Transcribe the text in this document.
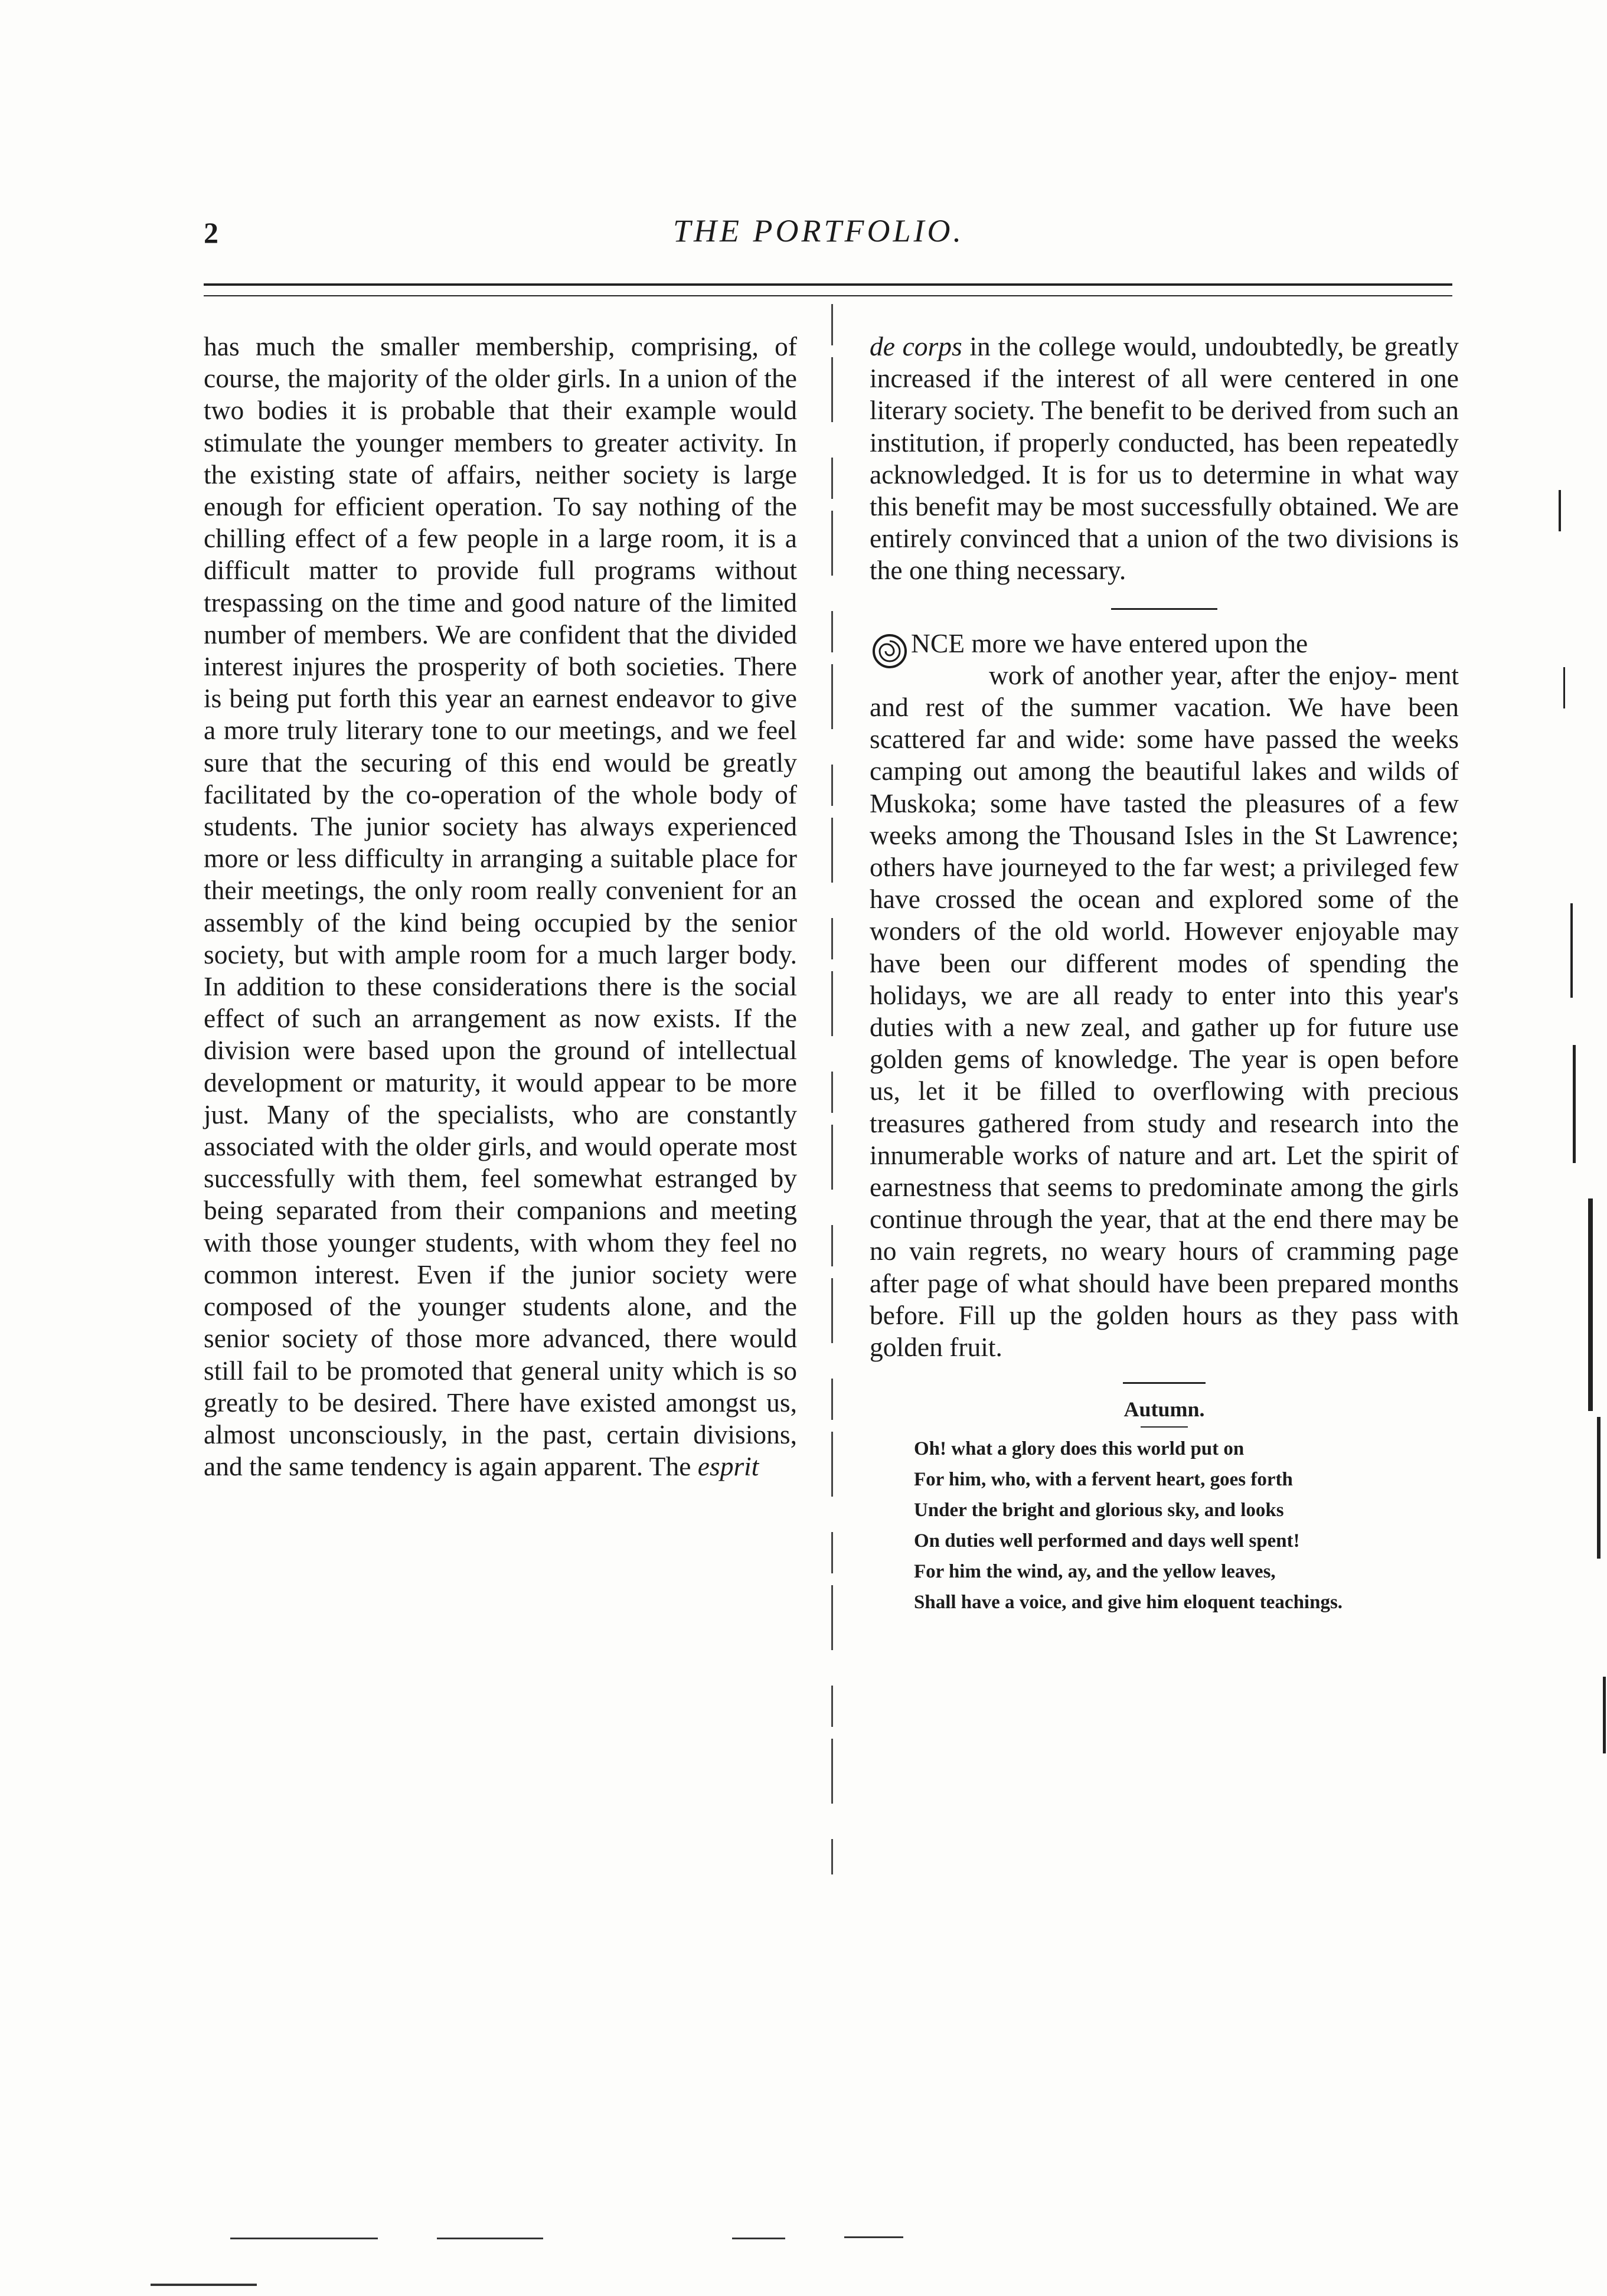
2	THE PORTFOLIO.

has much the smaller membership, comprising, of course, the majority of the older girls. In a union of the two bodies it is probable that their example would stimulate the younger members to greater activity. In the existing state of affairs, neither society is large enough for efficient operation. To say nothing of the chilling effect of a few people in a large room, it is a difficult matter to provide full programs without trespassing on the time and good nature of the limited number of members. We are confident that the divided interest injures the prosperity of both societies. There is being put forth this year an earnest endeavor to give a more truly literary tone to our meetings, and we feel sure that the securing of this end would be greatly facilitated by the co-operation of the whole body of students. The junior society has always experienced more or less difficulty in arranging a suitable place for their meetings, the only room really convenient for an assembly of the kind being occupied by the senior society, but with ample room for a much larger body. In addition to these considerations there is the social effect of such an arrangement as now exists. If the division were based upon the ground of intellectual development or maturity, it would appear to be more just. Many of the specialists, who are constantly associated with the older girls, and would operate most successfully with them, feel somewhat estranged by being separated from their companions and meeting with those younger students, with whom they feel no common interest. Even if the junior society were composed of the younger students alone, and the senior society of those more advanced, there would still fail to be promoted that general unity which is so greatly to be desired. There have existed amongst us, almost unconsciously, in the past, certain divisions, and the same tendency is again apparent. The esprit

de corps in the college would, undoubtedly, be greatly increased if the interest of all were centered in one literary society. The benefit to be derived from such an institution, if properly conducted, has been repeatedly acknowledged. It is for us to determine in what way this benefit may be most successfully obtained. We are entirely convinced that a union of the two divisions is the one thing necessary.

NCE more we have entered upon the
work of another year, after the enjoy- ment and rest of the summer vacation. We have been scattered far and wide: some have passed the weeks camping out among the beautiful lakes and wilds of Muskoka; some have tasted the pleasures of a few weeks among the Thousand Isles in the St Lawrence; others have journeyed to the far west; a privileged few have crossed the ocean and explored some of the wonders of the old world. However enjoyable may have been our different modes of spending the holidays, we are all ready to enter into this year's duties with a new zeal, and gather up for future use golden gems of knowledge. The year is open before us, let it be filled to overflowing with precious treasures gathered from study and research into the innumerable works of nature and art. Let the spirit of earnestness that seems to predominate among the girls continue through the year, that at the end there may be no vain regrets, no weary hours of cramming page after page of what should have been prepared months before. Fill up the golden hours as they pass with golden fruit.

Autumn.
Oh! what a glory does this world put on
For him, who, with a fervent heart, goes forth
Under the bright and glorious sky, and looks
On duties well performed and days well spent!
For him the wind, ay, and the yellow leaves,
Shall have a voice, and give him eloquent teachings.
